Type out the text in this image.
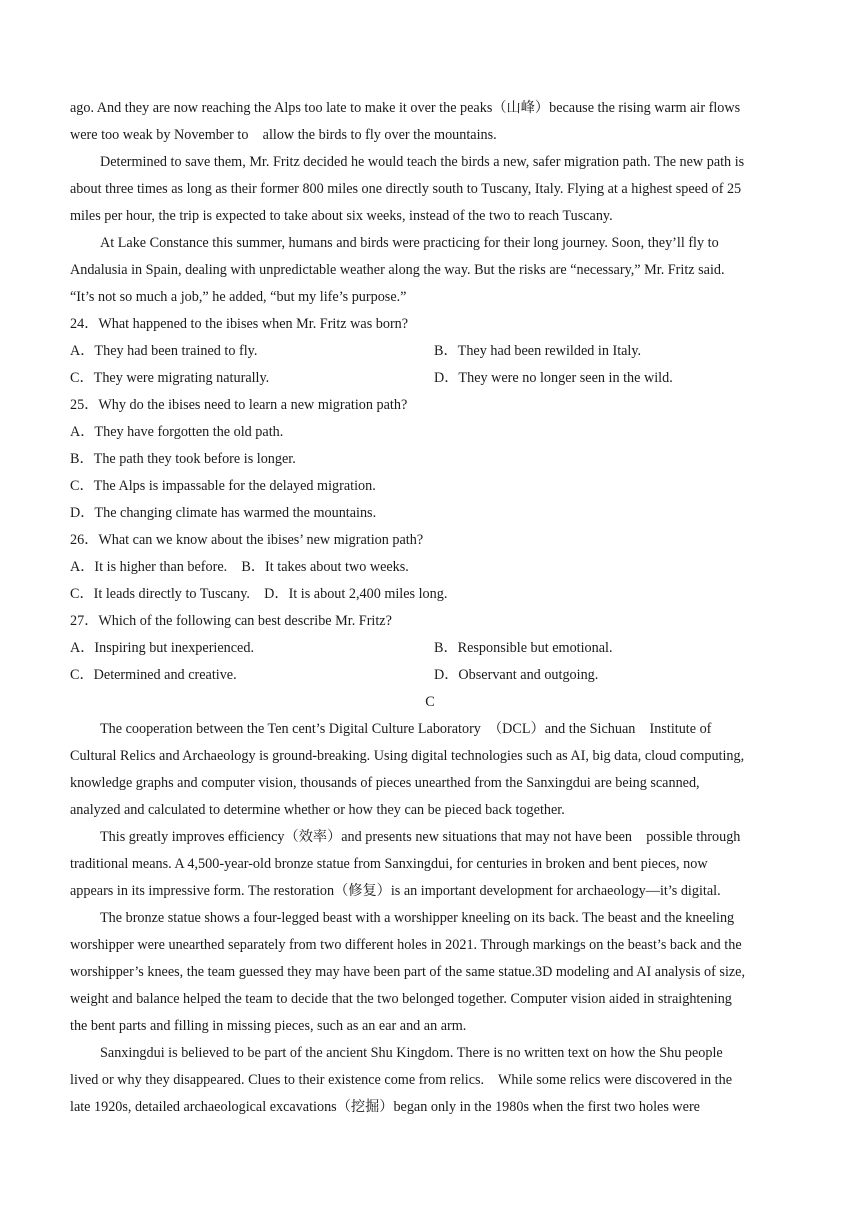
ago. And they are now reaching the Alps too late to make it over the peaks（山峰）because the rising warm air flows
were too weak by November to    allow the birds to fly over the mountains.
Determined to save them, Mr. Fritz decided he would teach the birds a new, safer migration path. The new path is
about three times as long as their former 800 miles one directly south to Tuscany, Italy. Flying at a highest speed of 25
miles per hour, the trip is expected to take about six weeks, instead of the two to reach Tuscany.
At Lake Constance this summer, humans and birds were practicing for their long journey. Soon, they’ll fly to
Andalusia in Spain, dealing with unpredictable weather along the way. But the risks are “necessary,” Mr. Fritz said.
“It’s not so much a job,” he added, “but my life’s purpose.”
24．What happened to the ibises when Mr. Fritz was born?
A．They had been trained to fly.	B．They had been rewilded in Italy.
C．They were migrating naturally.	D．They were no longer seen in the wild.
25．Why do the ibises need to learn a new migration path?
A．They have forgotten the old path.
B．The path they took before is longer.
C．The Alps is impassable for the delayed migration.
D．The changing climate has warmed the mountains.
26．What can we know about the ibises’ new migration path?
A．It is higher than before.    B．It takes about two weeks.
C．It leads directly to Tuscany.    D．It is about 2,400 miles long.
27．Which of the following can best describe Mr. Fritz?
A．Inspiring but inexperienced.	B．Responsible but emotional.
C．Determined and creative.	D．Observant and outgoing.
C
The cooperation between the Ten cent’s Digital Culture Laboratory  （DCL）and the Sichuan    Institute of
Cultural Relics and Archaeology is ground-breaking. Using digital technologies such as AI, big data, cloud computing,
knowledge graphs and computer vision, thousands of pieces unearthed from the Sanxingdui are being scanned,
analyzed and calculated to determine whether or how they can be pieced back together.
This greatly improves efficiency（效率）and presents new situations that may not have been    possible through
traditional means. A 4,500-year-old bronze statue from Sanxingdui, for centuries in broken and bent pieces, now
appears in its impressive form. The restoration（修复）is an important development for archaeology—it’s digital.
The bronze statue shows a four-legged beast with a worshipper kneeling on its back. The beast and the kneeling
worshipper were unearthed separately from two different holes in 2021. Through markings on the beast’s back and the
worshipper’s knees, the team guessed they may have been part of the same statue.3D modeling and AI analysis of size,
weight and balance helped the team to decide that the two belonged together. Computer vision aided in straightening
the bent parts and filling in missing pieces, such as an ear and an arm.
Sanxingdui is believed to be part of the ancient Shu Kingdom. There is no written text on how the Shu people
lived or why they disappeared. Clues to their existence come from relics.    While some relics were discovered in the
late 1920s, detailed archaeological excavations（挖掘）began only in the 1980s when the first two holes were
